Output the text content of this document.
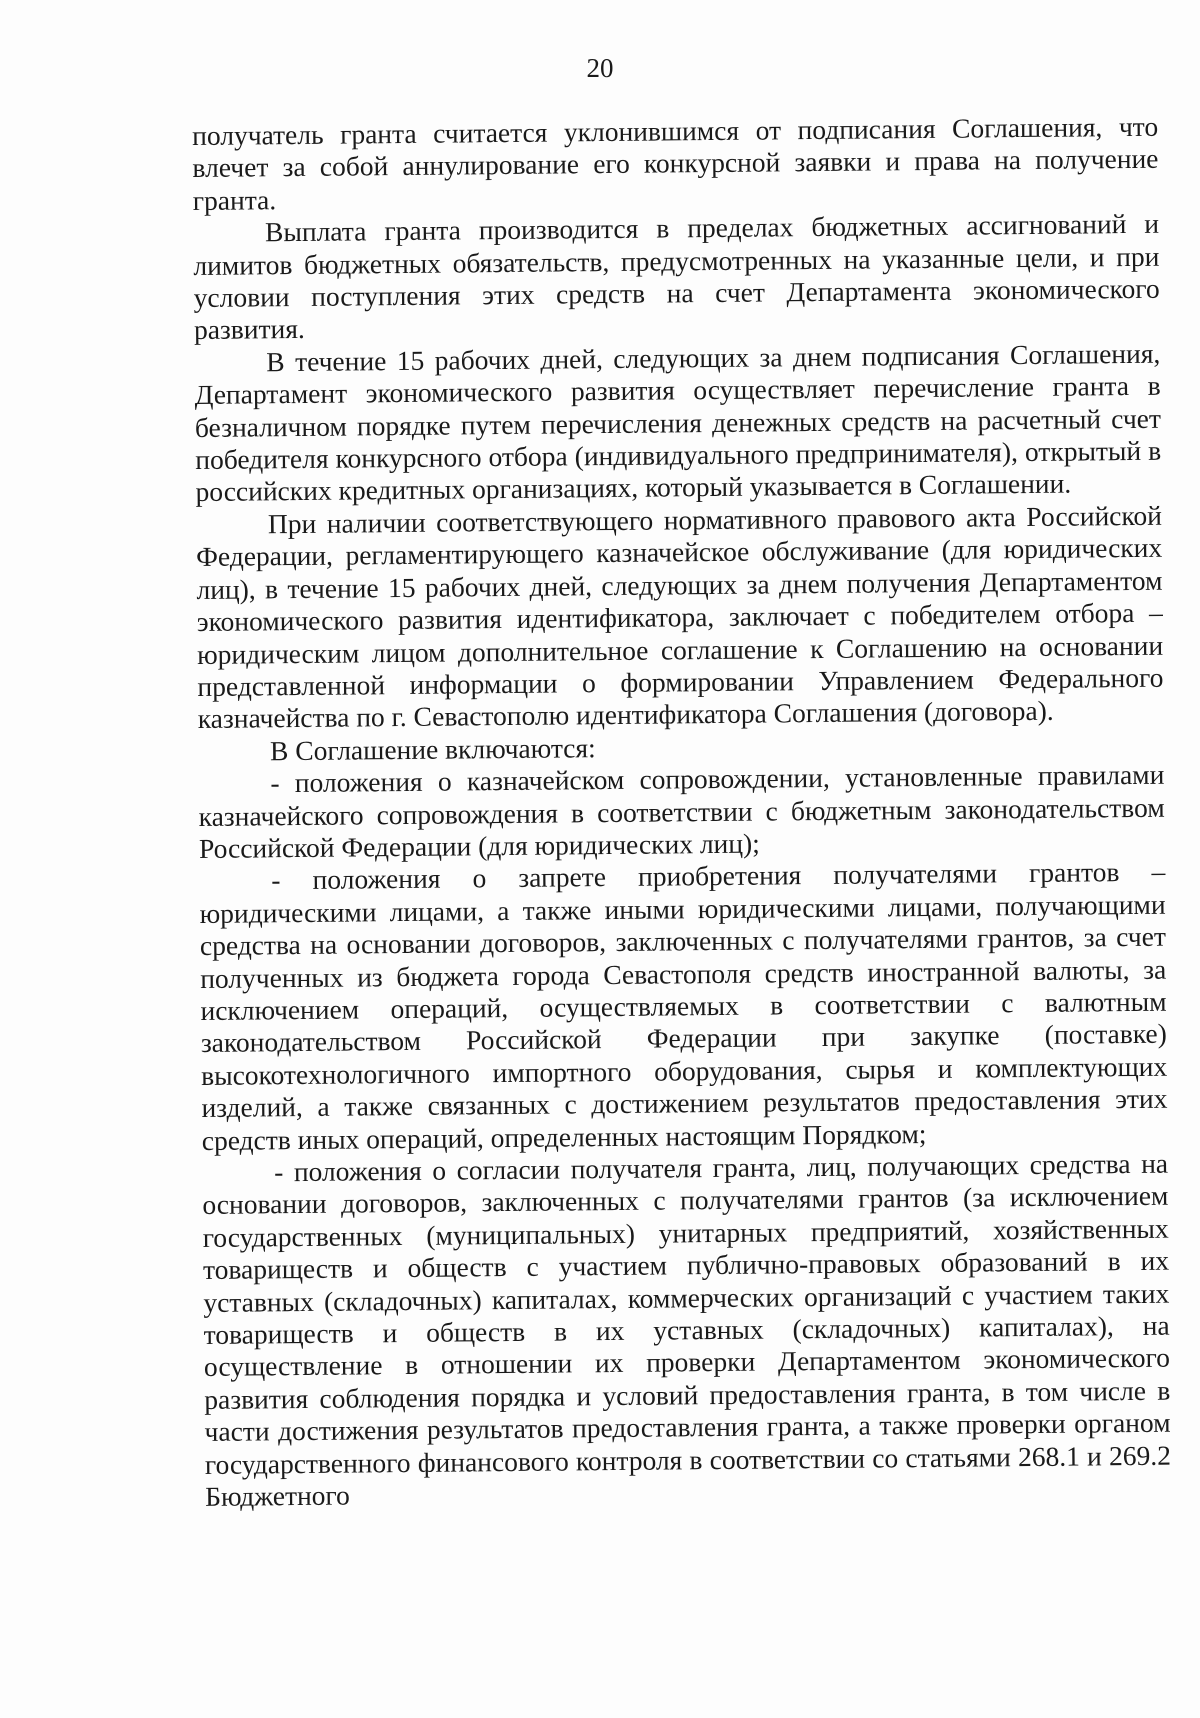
20

получатель гранта считается уклонившимся от подписания Соглашения, что влечет за собой аннулирование его конкурсной заявки и права на получение гранта.

Выплата гранта производится в пределах бюджетных ассигнований и лимитов бюджетных обязательств, предусмотренных на указанные цели, и при условии поступления этих средств на счет Департамента экономического развития.

В течение 15 рабочих дней, следующих за днем подписания Соглашения, Департамент экономического развития осуществляет перечисление гранта в безналичном порядке путем перечисления денежных средств на расчетный счет победителя конкурсного отбора (индивидуального предпринимателя), открытый в российских кредитных организациях, который указывается в Соглашении.

При наличии соответствующего нормативного правового акта Российской Федерации, регламентирующего казначейское обслуживание (для юридических лиц), в течение 15 рабочих дней, следующих за днем получения Департаментом экономического развития идентификатора, заключает с победителем отбора – юридическим лицом дополнительное соглашение к Соглашению на основании представленной информации о формировании Управлением Федерального казначейства по г. Севастополю идентификатора Соглашения (договора).

В Соглашение включаются:

- положения о казначейском сопровождении, установленные правилами казначейского сопровождения в соответствии с бюджетным законодательством Российской Федерации (для юридических лиц);

- положения о запрете приобретения получателями грантов – юридическими лицами, а также иными юридическими лицами, получающими средства на основании договоров, заключенных с получателями грантов, за счет полученных из бюджета города Севастополя средств иностранной валюты, за исключением операций, осуществляемых в соответствии с валютным законодательством Российской Федерации при закупке (поставке) высокотехнологичного импортного оборудования, сырья и комплектующих изделий, а также связанных с достижением результатов предоставления этих средств иных операций, определенных настоящим Порядком;

- положения о согласии получателя гранта, лиц, получающих средства на основании договоров, заключенных с получателями грантов (за исключением государственных (муниципальных) унитарных предприятий, хозяйственных товариществ и обществ с участием публично-правовых образований в их уставных (складочных) капиталах, коммерческих организаций с участием таких товариществ и обществ в их уставных (складочных) капиталах), на осуществление в отношении их проверки Департаментом экономического развития соблюдения порядка и условий предоставления гранта, в том числе в части достижения результатов предоставления гранта, а также проверки органом государственного финансового контроля в соответствии со статьями 268.1 и 269.2 Бюджетного
